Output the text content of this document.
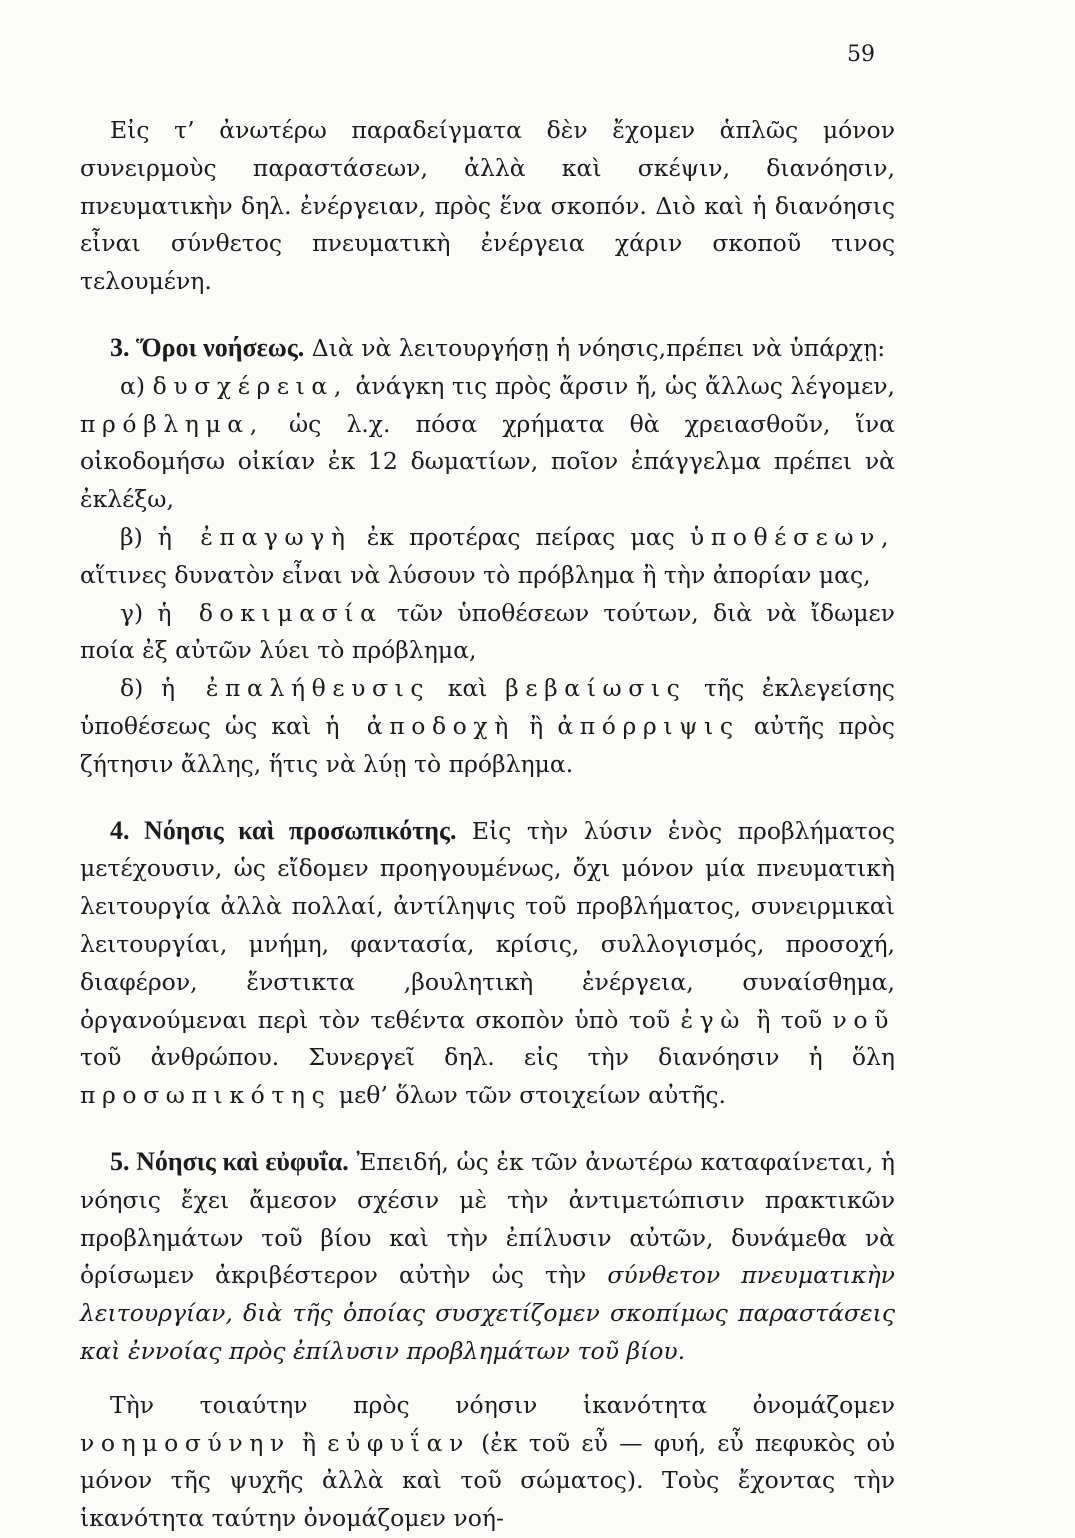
59

Εἰς τ’ ἀνωτέρω παραδείγματα δὲν ἔχομεν ἁπλῶς μόνον συνειρμοὺς παραστάσεων, ἀλλὰ καὶ σκέψιν, διανόησιν, πνευματικὴν δηλ. ἐνέργειαν, πρὸς ἕνα σκοπόν. Διὸ καὶ ἡ διανόησις εἶναι σύνθετος πνευματικὴ ἐνέργεια χάριν σκοποῦ τινος τελουμένη.

3. Ὅροι νοήσεως. Διὰ νὰ λειτουργήσῃ ἡ νόησις,πρέπει νὰ ὑπάρχῃ:

α) δυσχέρεια, ἀνάγκη τις πρὸς ἄρσιν ἤ, ὡς ἄλλως λέγομεν, πρόβλημα, ὡς λ.χ. πόσα χρήματα θὰ χρειασθοῦν, ἵνα οἰκοδομήσω οἰκίαν ἐκ 12 δωματίων, ποῖον ἐπάγγελμα πρέπει νὰ ἐκλέξω,

β) ἡ ἐπαγωγὴ ἐκ προτέρας πείρας μας ὑποθέσεων, αἵτινες δυνατὸν εἶναι νὰ λύσουν τὸ πρόβλημα ἢ τὴν ἀπορίαν μας,

γ) ἡ δοκιμασία τῶν ὑποθέσεων τούτων, διὰ νὰ ἴδωμεν ποία ἐξ αὐτῶν λύει τὸ πρόβλημα,

δ) ἡ ἐπαλήθευσις καὶ βεβαίωσις τῆς ἐκλεγείσης ὑποθέσεως ὡς καὶ ἡ ἀποδοχὴ ἢ ἀπόρριψις αὐτῆς πρὸς ζήτησιν ἄλλης, ἥτις νὰ λύῃ τὸ πρόβλημα.

4. Νόησις καὶ προσωπικότης. Εἰς τὴν λύσιν ἑνὸς προβλήματος μετέχουσιν, ὡς εἴδομεν προηγουμένως, ὄχι μόνον μία πνευματικὴ λειτουργία ἀλλὰ πολλαί, ἀντίληψις τοῦ προβλήματος, συνειρμικαὶ λειτουργίαι, μνήμη, φαντασία, κρίσις, συλλογισμός, προσοχή, διαφέρον, ἔνστικτα ,βουλητικὴ ἐνέργεια, συναίσθημα, ὀργανούμεναι περὶ τὸν τεθέντα σκοπὸν ὑπὸ τοῦ ἐγὼ ἢ τοῦ νοῦ τοῦ ἀνθρώπου. Συνεργεῖ δηλ. εἰς τὴν διανόησιν ἡ ὅλη προσωπικότης μεθ’ ὅλων τῶν στοιχείων αὐτῆς.

5. Νόησις καὶ εὐφυΐα. Ἐπειδή, ὡς ἐκ τῶν ἀνωτέρω καταφαίνεται, ἡ νόησις ἔχει ἄμεσον σχέσιν μὲ τὴν ἀντιμετώπισιν πρακτικῶν προβλημάτων τοῦ βίου καὶ τὴν ἐπίλυσιν αὐτῶν, δυνάμεθα νὰ ὁρίσωμεν ἀκριβέστερον αὐτὴν ὡς τὴν σύνθετον πνευματικὴν λειτουργίαν, διὰ τῆς ὁποίας συσχετίζομεν σκοπίμως παραστάσεις καὶ ἐννοίας πρὸς ἐπίλυσιν προβλημάτων τοῦ βίου.

Τὴν τοιαύτην πρὸς νόησιν ἱκανότητα ὀνομάζομεν νοημοσύνην ἢ εὐφυΐαν (ἐκ τοῦ εὖ — φυή, εὖ πεφυκὸς οὐ μόνον τῆς ψυχῆς ἀλλὰ καὶ τοῦ σώματος). Τοὺς ἔχοντας τὴν ἱκανότητα ταύτην ὀνομάζομεν νοή-
